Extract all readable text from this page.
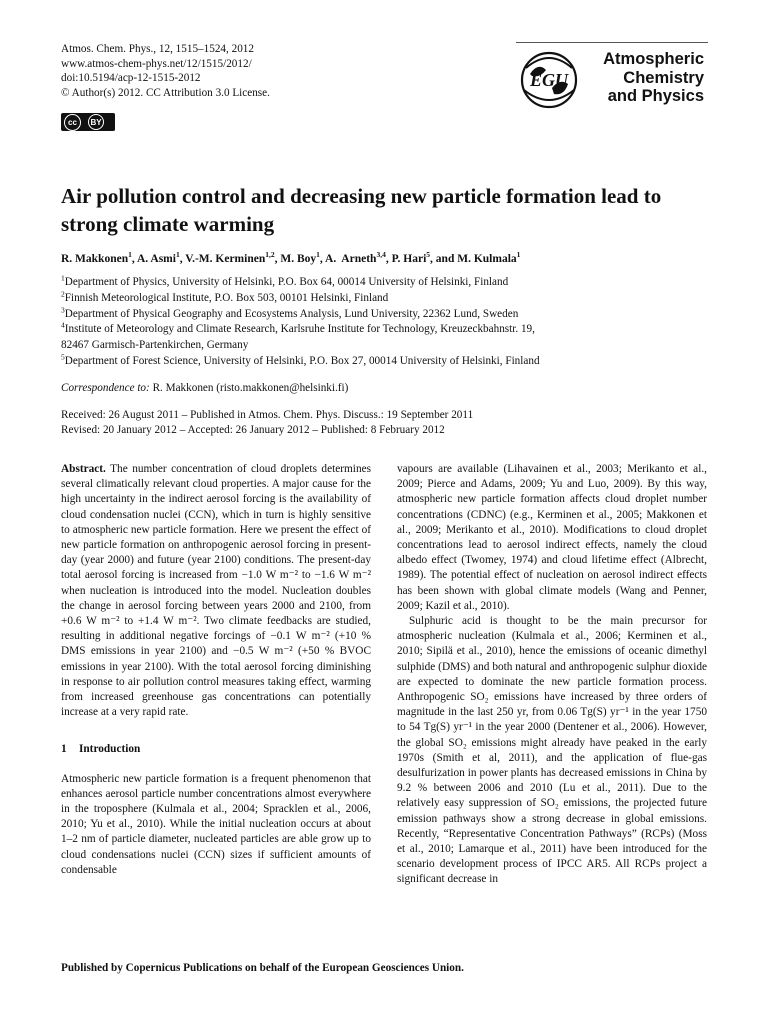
Atmos. Chem. Phys., 12, 1515–1524, 2012
www.atmos-chem-phys.net/12/1515/2012/
doi:10.5194/acp-12-1515-2012
© Author(s) 2012. CC Attribution 3.0 License.
cc	BY
EGU
Atmospheric
Chemistry
and Physics
Air pollution control and decreasing new particle formation lead to strong climate warming
R. Makkonen$^1$, A. Asmi$^1$, V.-M. Kerminen$^{1,2}$, M. Boy$^1$, A.  Arneth$^{3,4}$, P. Hari$^5$, and M. Kulmala$^1$
$^1$Department of Physics, University of Helsinki, P.O. Box 64, 00014 University of Helsinki, Finland
$^2$Finnish Meteorological Institute, P.O. Box 503, 00101 Helsinki, Finland
$^3$Department of Physical Geography and Ecosystems Analysis, Lund University, 22362 Lund, Sweden
$^4$Institute of Meteorology and Climate Research, Karlsruhe Institute for Technology, Kreuzeckbahnstr. 19,
82467 Garmisch-Partenkirchen, Germany
$^5$Department of Forest Science, University of Helsinki, P.O. Box 27, 00014 University of Helsinki, Finland
Correspondence to: R. Makkonen (risto.makkonen@helsinki.fi)
Received: 26 August 2011 – Published in Atmos. Chem. Phys. Discuss.: 19 September 2011
Revised: 20 January 2012 – Accepted: 26 January 2012 – Published: 8 February 2012

Abstract. The number concentration of cloud droplets determines several climatically relevant cloud properties. A major cause for the high uncertainty in the indirect aerosol forcing is the availability of cloud condensation nuclei (CCN), which in turn is highly sensitive to atmospheric new particle formation. Here we present the effect of new particle formation on anthropogenic aerosol forcing in present-day (year 2000) and future (year 2100) conditions. The present-day total aerosol forcing is increased from −1.0 W m⁻² to −1.6 W m⁻² when nucleation is introduced into the model. Nucleation doubles the change in aerosol forcing between years 2000 and 2100, from +0.6 W m⁻² to +1.4 W m⁻². Two climate feedbacks are studied, resulting in additional negative forcings of −0.1 W m⁻² (+10 % DMS emissions in year 2100) and −0.5 W m⁻² (+50 % BVOC emissions in year 2100). With the total aerosol forcing diminishing in response to air pollution control measures taking effect, warming from increased greenhouse gas concentrations can potentially increase at a very rapid rate.

1 Introduction

Atmospheric new particle formation is a frequent phenomenon that enhances aerosol particle number concentrations almost everywhere in the troposphere (Kulmala et al., 2004; Spracklen et al., 2006, 2010; Yu et al., 2010). While the initial nucleation occurs at about 1–2 nm of particle diameter, nucleated particles are able grow up to cloud condensations nuclei (CCN) sizes if sufficient amounts of condensable

vapours are available (Lihavainen et al., 2003; Merikanto et al., 2009; Pierce and Adams, 2009; Yu and Luo, 2009). By this way, atmospheric new particle formation affects cloud droplet number concentrations (CDNC) (e.g., Kerminen et al., 2005; Makkonen et al., 2009; Merikanto et al., 2010). Modifications to cloud droplet concentrations lead to aerosol indirect effects, namely the cloud albedo effect (Twomey, 1974) and cloud lifetime effect (Albrecht, 1989). The potential effect of nucleation on aerosol indirect effects has been shown with global climate models (Wang and Penner, 2009; Kazil et al., 2010).

Sulphuric acid is thought to be the main precursor for atmospheric nucleation (Kulmala et al., 2006; Kerminen et al., 2010; Sipilä et al., 2010), hence the emissions of oceanic dimethyl sulphide (DMS) and both natural and anthropogenic sulphur dioxide are expected to dominate the new particle formation process. Anthropogenic SO₂ emissions have increased by three orders of magnitude in the last 250 yr, from 0.06 Tg(S) yr⁻¹ in the year 1750 to 54 Tg(S) yr⁻¹ in the year 2000 (Dentener et al., 2006). However, the global SO₂ emissions might already have peaked in the early 1970s (Smith et al, 2011), and the application of flue-gas desulfurization in power plants has decreased emissions in China by 9.2 % between 2006 and 2010 (Lu et al., 2011). Due to the relatively easy suppression of SO₂ emissions, the projected future emission pathways show a strong decrease in global emissions. Recently, “Representative Concentration Pathways” (RCPs) (Moss et al., 2010; Lamarque et al., 2011) have been introduced for the scenario development process of IPCC AR5. All RCPs project a significant decrease in

Published by Copernicus Publications on behalf of the European Geosciences Union.
